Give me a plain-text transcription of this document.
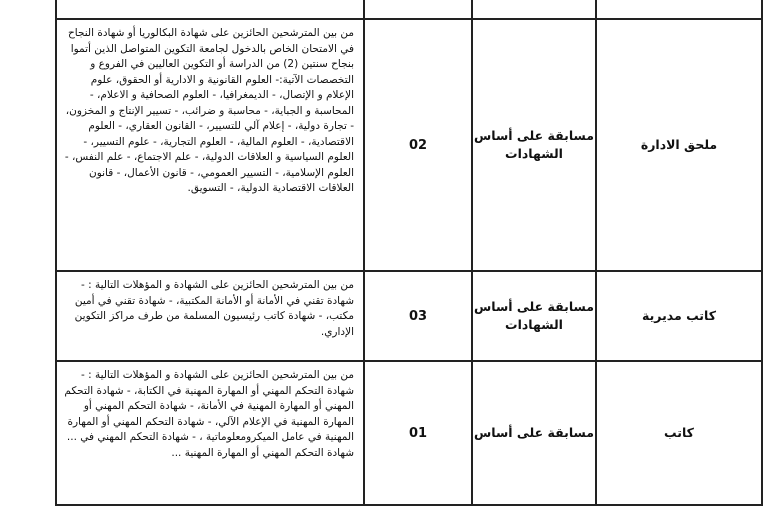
ملحق الادارة	مسابقة على أساس الشهادات	02	من بين المترشحين الحائزين على شهادة البكالوريا أو شهادة النجاح في الامتحان الخاص بالدخول لجامعة التكوين المتواصل الذين أتموا بنجاح سنتين (2) من الدراسة أو التكوين العاليين في الفروع و التخصصات الآتية:- العلوم القانونية و الادارية أو الحقوق، علوم الإعلام و الإتصال، - الديمغرافيا، - العلوم الصحافية و الاعلام، - المحاسبة و الجباية، - محاسبة و ضرائب، - تسيير الإنتاج و المخزون، - تجارة دولية، - إعلام آلي للتسيير، - القانون العقاري، - العلوم الاقتصادية، - العلوم المالية، - العلوم التجارية، - علوم التسيير، - العلوم السياسية و العلاقات الدولية، - علم الاجتماع، - علم النفس، - العلوم الإسلامية، - التسيير العمومي، - قانون الأعمال، - قانون العلاقات الاقتصادية الدولية، - التسويق.
كاتب مديرية	مسابقة على أساس الشهادات	03	من بين المترشحين الحائزين على الشهادة و المؤهلات التالية : - شهادة تقني في الأمانة أو الأمانة المكتبية، - شهادة تقني في أمين مكتب، - شهادة كاتب رئيسيون المسلمة من طرف مراكز التكوين الإداري.
كاتب	مسابقة على أساس	01	من بين المترشحين الحائزين على الشهادة و المؤهلات التالية : - شهادة التحكم المهني أو المهارة المهنية في الكتابة، - شهادة التحكم المهني أو المهارة المهنية في الأمانة، - شهادة التحكم المهني أو المهارة المهنية في الإعلام الآلي، - شهادة التحكم المهني أو المهارة المهنية في عامل الميكرومعلوماتية ، - شهادة التحكم المهني في ... شهادة التحكم المهني أو المهارة المهنية ...
